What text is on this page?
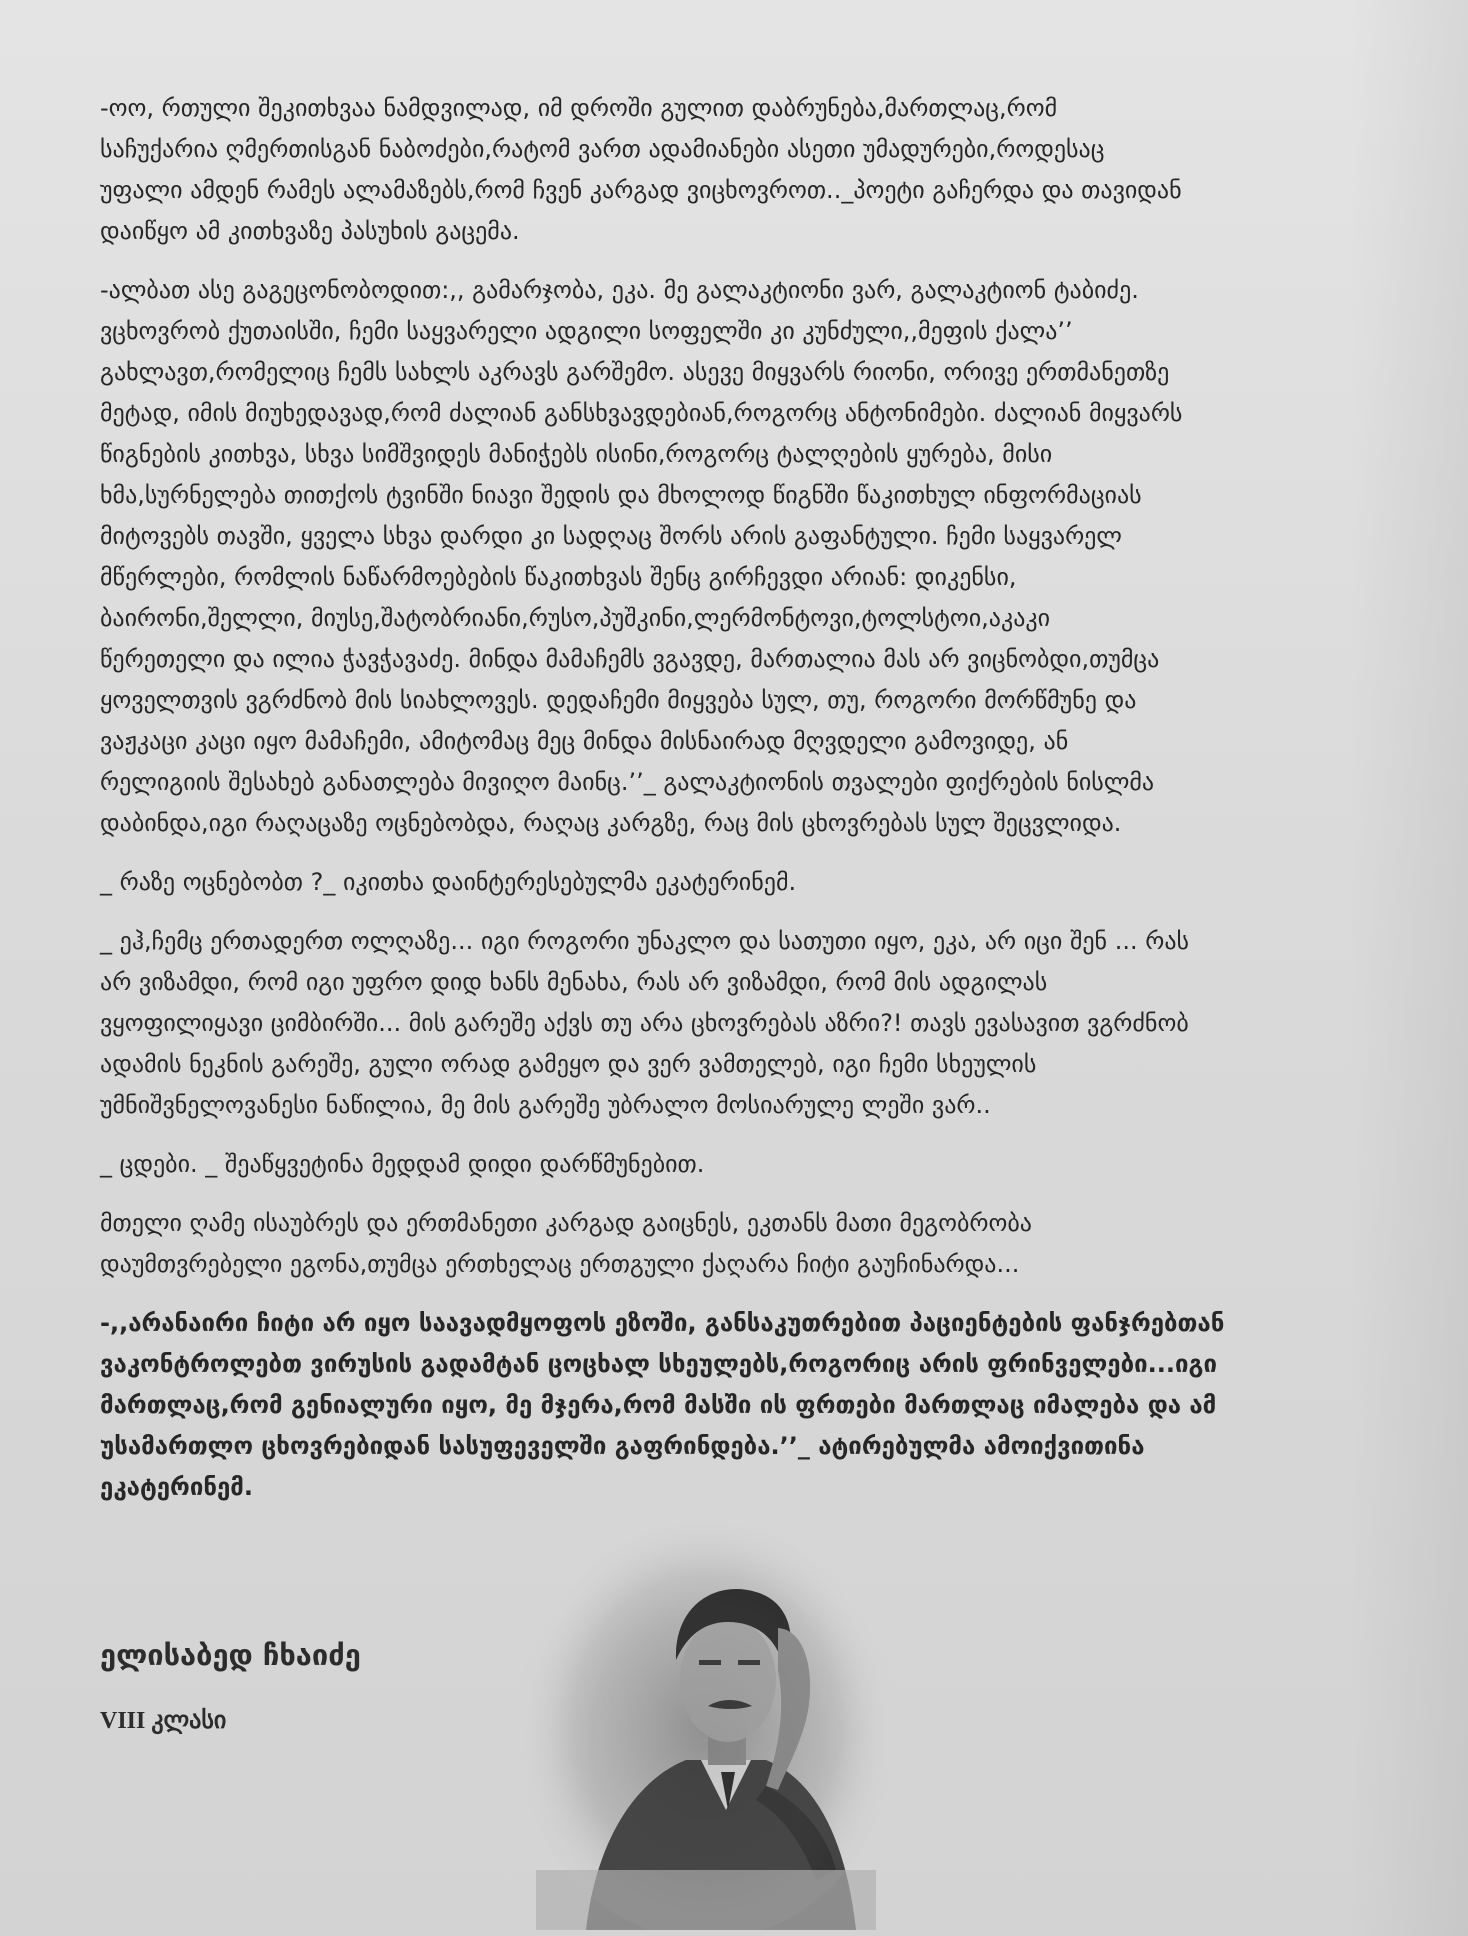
-ოო, რთული შეკითხვაა ნამდვილად, იმ დროში გულით დაბრუნება,მართლაც,რომ
საჩუქარია ღმერთისგან ნაბოძები,რატომ ვართ ადამიანები ასეთი უმადურები,როდესაც
უფალი ამდენ რამეს ალამაზებს,რომ ჩვენ კარგად ვიცხოვროთ.._პოეტი გაჩერდა და თავიდან
დაიწყო ამ კითხვაზე პასუხის გაცემა.
-ალბათ ასე გაგეცონობოდით:,, გამარჯობა, ეკა. მე გალაკტიონი ვარ, გალაკტიონ ტაბიძე.
ვცხოვრობ ქუთაისში, ჩემი საყვარელი ადგილი სოფელში კი კუნძული,,მეფის ქალა’’
გახლავთ,რომელიც ჩემს სახლს აკრავს გარშემო. ასევე მიყვარს რიონი, ორივე ერთმანეთზე
მეტად, იმის მიუხედავად,რომ ძალიან განსხვავდებიან,როგორც ანტონიმები. ძალიან მიყვარს
წიგნების კითხვა, სხვა სიმშვიდეს მანიჭებს ისინი,როგორც ტალღების ყურება, მისი
ხმა,სურნელება თითქოს ტვინში ნიავი შედის და მხოლოდ წიგნში წაკითხულ ინფორმაციას
მიტოვებს თავში, ყველა სხვა დარდი კი სადღაც შორს არის გაფანტული. ჩემი საყვარელ
მწერლები, რომლის ნაწარმოებების წაკითხვას შენც გირჩევდი არიან: დიკენსი,
ბაირონი,შელლი, მიუსე,შატობრიანი,რუსო,პუშკინი,ლერმონტოვი,ტოლსტოი,აკაკი
წერეთელი და ილია ჭავჭავაძე. მინდა მამაჩემს ვგავდე, მართალია მას არ ვიცნობდი,თუმცა
ყოველთვის ვგრძნობ მის სიახლოვეს. დედაჩემი მიყვება სულ, თუ, როგორი მორწმუნე და
ვაჟკაცი კაცი იყო მამაჩემი, ამიტომაც მეც მინდა მისნაირად მღვდელი გამოვიდე, ან
რელიგიის შესახებ განათლება მივიღო მაინც.’’_ გალაკტიონის თვალები ფიქრების ნისლმა
დაბინდა,იგი რაღაცაზე ოცნებობდა, რაღაც კარგზე, რაც მის ცხოვრებას სულ შეცვლიდა.
_ რაზე ოცნებობთ ?_ იკითხა დაინტერესებულმა ეკატერინემ.
_ ეჰ,ჩემც ერთადერთ ოლღაზე... იგი როგორი უნაკლო და სათუთი იყო, ეკა, არ იცი შენ ... რას
არ ვიზამდი, რომ იგი უფრო დიდ ხანს მენახა, რას არ ვიზამდი, რომ მის ადგილას
ვყოფილიყავი ციმბირში... მის გარეშე აქვს თუ არა ცხოვრებას აზრი?! თავს ევასავით ვგრძნობ
ადამის ნეკნის გარეშე, გული ორად გამეყო და ვერ ვამთელებ, იგი ჩემი სხეულის
უმნიშვნელოვანესი ნაწილია, მე მის გარეშე უბრალო მოსიარულე ლეში ვარ..
_ ცდები. _ შეაწყვეტინა მედდამ დიდი დარწმუნებით.
მთელი ღამე ისაუბრეს და ერთმანეთი კარგად გაიცნეს, ეკთანს მათი მეგობრობა
დაუმთვრებელი ეგონა,თუმცა ერთხელაც ერთგული ქაღარა ჩიტი გაუჩინარდა...
-,,არანაირი ჩიტი არ იყო საავადმყოფოს ეზოში, განსაკუთრებით პაციენტების ფანჯრებთან
ვაკონტროლებთ ვირუსის გადამტან ცოცხალ სხეულებს,როგორიც არის ფრინველები...იგი
მართლაც,რომ გენიალური იყო, მე მჯერა,რომ მასში ის ფრთები მართლაც იმალება და ამ
უსამართლო ცხოვრებიდან სასუფეველში გაფრინდება.’’_ ატირებულმა ამოიქვითინა
ეკატერინემ.
ელისაბედ ჩხაიძე
VIII კლასი
